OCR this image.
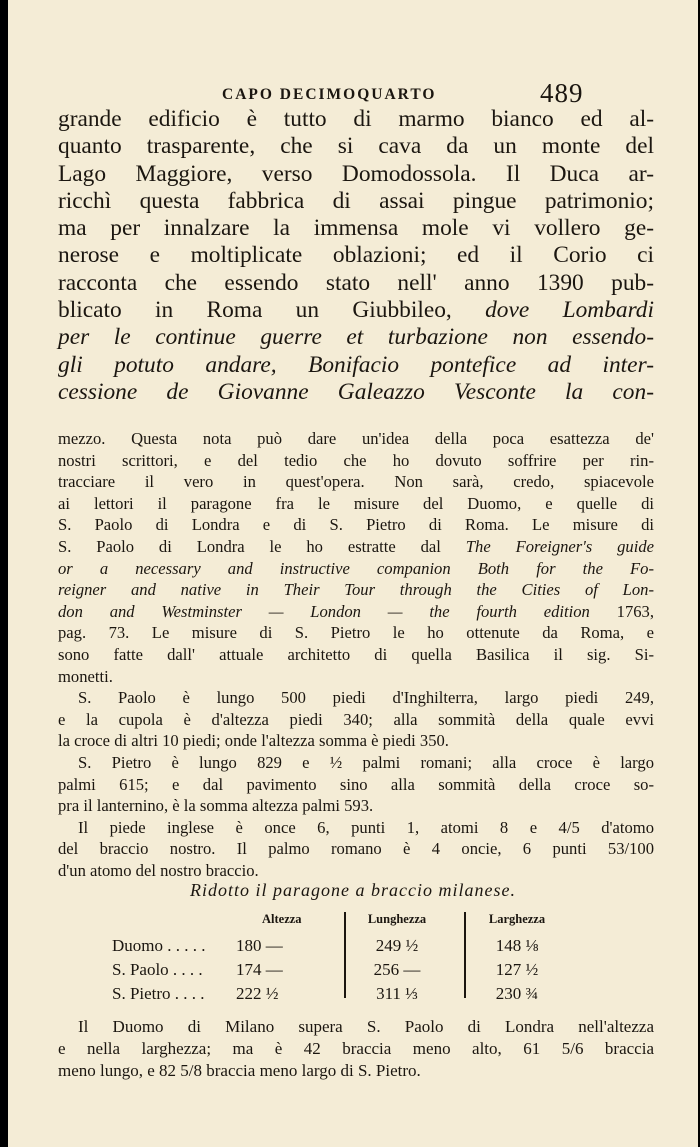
CAPO DECIMOQUARTO	489
grande edificio è tutto di marmo bianco ed al-
quanto trasparente, che si cava da un monte del
Lago Maggiore, verso Domodossola. Il Duca ar-
ricchì questa fabbrica di assai pingue patrimonio;
ma per innalzare la immensa mole vi vollero ge-
nerose e moltiplicate oblazioni; ed il Corio ci
racconta che essendo stato nell' anno 1390 pub-
blicato in Roma un Giubbileo, dove Lombardi
per le continue guerre et turbazione non essendo-
gli potuto andare, Bonifacio pontefice ad inter-
cessione de Giovanne Galeazzo Vesconte la con-
mezzo. Questa nota può dare un'idea della poca esattezza de'
nostri scrittori, e del tedio che ho dovuto soffrire per rin-
tracciare il vero in quest'opera. Non sarà, credo, spiacevole
ai lettori il paragone fra le misure del Duomo, e quelle di
S. Paolo di Londra e di S. Pietro di Roma. Le misure di
S. Paolo di Londra le ho estratte dal The Foreigner's guide
or a necessary and instructive companion Both for the Fo-
reigner and native in Their Tour through the Cities of Lon-
don and Westminster — London — the fourth edition 1763,
pag. 73. Le misure di S. Pietro le ho ottenute da Roma, e
sono fatte dall' attuale architetto di quella Basilica il sig. Si-
monetti.
S. Paolo è lungo 500 piedi d'Inghilterra, largo piedi 249,
e la cupola è d'altezza piedi 340; alla sommità della quale evvi
la croce di altri 10 piedi; onde l'altezza somma è piedi 350.
S. Pietro è lungo 829 e ½ palmi romani; alla croce è largo
palmi 615; e dal pavimento sino alla sommità della croce so-
pra il lanternino, è la somma altezza palmi 593.
Il piede inglese è once 6, punti 1, atomi 8 e 4/5 d'atomo
del braccio nostro. Il palmo romano è 4 oncie, 6 punti 53/100
d'un atomo del nostro braccio.
Ridotto il paragone a braccio milanese.
Altezza	Lunghezza	Larghezza
Duomo . . . . . 180 —	249 ½	148 ⅛
S. Paolo . . . . 174 —	256 —	127 ½
S. Pietro . . . . 222 ½	311 ⅓	230 ¾
Il Duomo di Milano supera S. Paolo di Londra nell'altezza
e nella larghezza; ma è 42 braccia meno alto, 61 5/6 braccia
meno lungo, e 82 5/8 braccia meno largo di S. Pietro.
